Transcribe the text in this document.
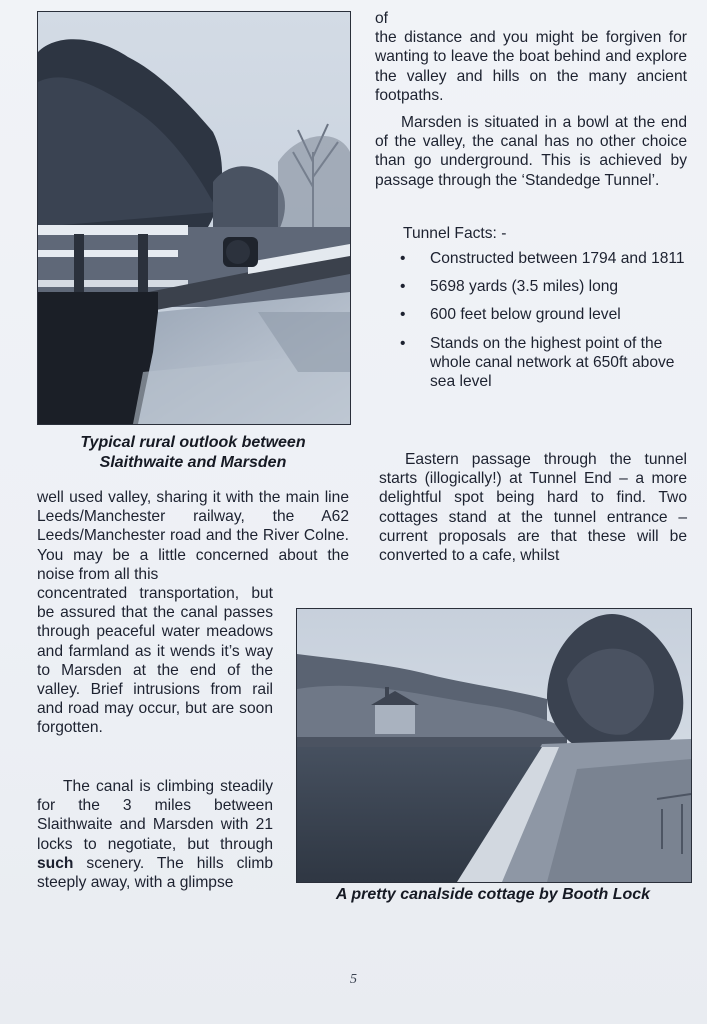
Typical rural outlook between Slaithwaite and Marsden

of

the distance and you might be forgiven for wanting to leave the boat behind and explore the valley and hills on the many ancient footpaths.

Marsden is situated in a bowl at the end of the valley, the canal has no other choice than go underground. This is achieved by passage through the ‘Standedge Tunnel’.

Tunnel Facts: -
•	Constructed between 1794 and 1811
•	5698 yards (3.5 miles) long
•	600 feet below ground level
•	Stands on the highest point of the whole canal network at 650ft above sea level

Eastern passage through the tunnel starts (illogically!) at Tunnel End – a more delightful spot being hard to find. Two cottages stand at the tunnel entrance – current proposals are that these will be converted to a cafe, whilst

well used valley, sharing it with the main line Leeds/Manchester railway, the A62 Leeds/Manchester road and the River Colne. You may be a little concerned about the noise from all this

concentrated transportation, but be assured that the canal passes through peaceful water meadows and farmland as it wends it’s way to Marsden at the end of the valley. Brief intrusions from rail and road may occur, but are soon forgotten.

The canal is climbing steadily for the 3 miles between Slaithwaite and Marsden with 21 locks to negotiate, but through such scenery. The hills climb steeply away, with a glimpse

A pretty canalside cottage by Booth Lock
5
